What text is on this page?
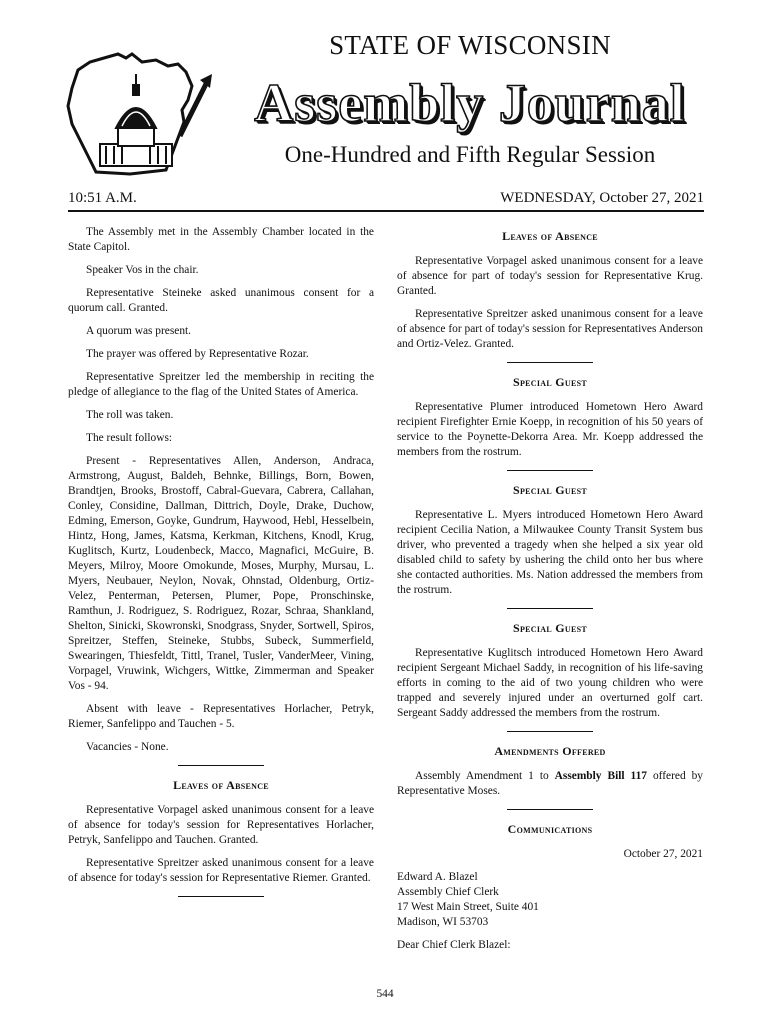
STATE OF WISCONSIN
Assembly Journal
One-Hundred and Fifth Regular Session
10:51 A.M.	WEDNESDAY, October 27, 2021

The Assembly met in the Assembly Chamber located in the State Capitol.

Speaker Vos in the chair.

Representative Steineke asked unanimous consent for a quorum call. Granted.

A quorum was present.

The prayer was offered by Representative Rozar.

Representative Spreitzer led the membership in reciting the pledge of allegiance to the flag of the United States of America.

The roll was taken.

The result follows:

Present - Representatives Allen, Anderson, Andraca, Armstrong, August, Baldeh, Behnke, Billings, Born, Bowen, Brandtjen, Brooks, Brostoff, Cabral-Guevara, Cabrera, Callahan, Conley, Considine, Dallman, Dittrich, Doyle, Drake, Duchow, Edming, Emerson, Goyke, Gundrum, Haywood, Hebl, Hesselbein, Hintz, Hong, James, Katsma, Kerkman, Kitchens, Knodl, Krug, Kuglitsch, Kurtz, Loudenbeck, Macco, Magnafici, McGuire, B. Meyers, Milroy, Moore Omokunde, Moses, Murphy, Mursau, L. Myers, Neubauer, Neylon, Novak, Ohnstad, Oldenburg, Ortiz-Velez, Penterman, Petersen, Plumer, Pope, Pronschinske, Ramthun, J. Rodriguez, S. Rodriguez, Rozar, Schraa, Shankland, Shelton, Sinicki, Skowronski, Snodgrass, Snyder, Sortwell, Spiros, Spreitzer, Steffen, Steineke, Stubbs, Subeck, Summerfield, Swearingen, Thiesfeldt, Tittl, Tranel, Tusler, VanderMeer, Vining, Vorpagel, Vruwink, Wichgers, Wittke, Zimmerman and Speaker Vos - 94.

Absent with leave - Representatives Horlacher, Petryk, Riemer, Sanfelippo and Tauchen - 5.

Vacancies - None.

Leaves of Absence

Representative Vorpagel asked unanimous consent for a leave of absence for today's session for Representatives Horlacher, Petryk, Sanfelippo and Tauchen. Granted.

Representative Spreitzer asked unanimous consent for a leave of absence for today's session for Representative Riemer. Granted.

Leaves of Absence

Representative Vorpagel asked unanimous consent for a leave of absence for part of today's session for Representative Krug. Granted.

Representative Spreitzer asked unanimous consent for a leave of absence for part of today's session for Representatives Anderson and Ortiz-Velez. Granted.

Special Guest

Representative Plumer introduced Hometown Hero Award recipient Firefighter Ernie Koepp, in recognition of his 50 years of service to the Poynette-Dekorra Area. Mr. Koepp addressed the members from the rostrum.

Special Guest

Representative L. Myers introduced Hometown Hero Award recipient Cecilia Nation, a Milwaukee County Transit System bus driver, who prevented a tragedy when she helped a six year old disabled child to safety by ushering the child onto her bus where she contacted authorities. Ms. Nation addressed the members from the rostrum.

Special Guest

Representative Kuglitsch introduced Hometown Hero Award recipient Sergeant Michael Saddy, in recognition of his life-saving efforts in coming to the aid of two young children who were trapped and severely injured under an overturned golf cart. Sergeant Saddy addressed the members from the rostrum.

Amendments Offered

Assembly Amendment 1 to Assembly Bill 117 offered by Representative Moses.

Communications

October 27, 2021

Edward A. Blazel
Assembly Chief Clerk
17 West Main Street, Suite 401
Madison, WI 53703

Dear Chief Clerk Blazel:

544
